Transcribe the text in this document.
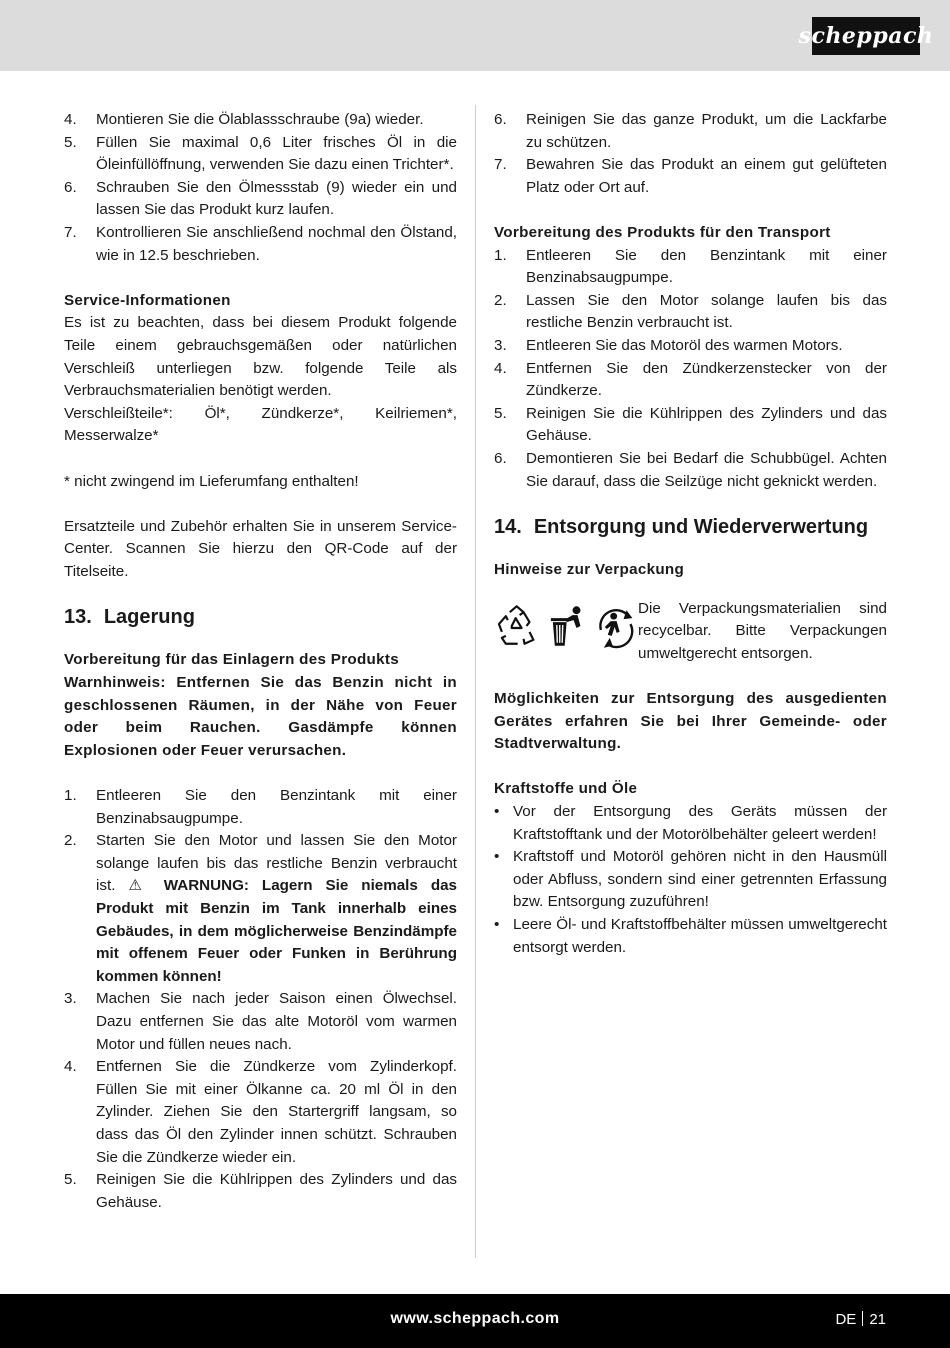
scheppach
4. Montieren Sie die Ölablassschraube (9a) wieder.
5. Füllen Sie maximal 0,6 Liter frisches Öl in die Öleinfüllöffnung, verwenden Sie dazu einen Trichter*.
6. Schrauben Sie den Ölmessstab (9) wieder ein und lassen Sie das Produkt kurz laufen.
7. Kontrollieren Sie anschließend nochmal den Ölstand, wie in 12.5 beschrieben.
Service-Informationen

Es ist zu beachten, dass bei diesem Produkt folgende Teile einem gebrauchsgemäßen oder natürlichen Verschleiß unterliegen bzw. folgende Teile als Verbrauchsmaterialien benötigt werden.

Verschleißteile*: Öl*, Zündkerze*, Keilriemen*, Messerwalze*

* nicht zwingend im Lieferumfang enthalten!

Ersatzteile und Zubehör erhalten Sie in unserem Service-Center. Scannen Sie hierzu den QR-Code auf der Titelseite.

13. Lagerung
Vorbereitung für das Einlagern des Produkts
Warnhinweis: Entfernen Sie das Benzin nicht in geschlossenen Räumen, in der Nähe von Feuer oder beim Rauchen. Gasdämpfe können Explosionen oder Feuer verursachen.
1. Entleeren Sie den Benzintank mit einer Benzinabsaugpumpe.
2. Starten Sie den Motor und lassen Sie den Motor solange laufen bis das restliche Benzin verbraucht ist. ⚠ WARNUNG: Lagern Sie niemals das Produkt mit Benzin im Tank innerhalb eines Gebäudes, in dem möglicherweise Benzindämpfe mit offenem Feuer oder Funken in Berührung kommen können!
3. Machen Sie nach jeder Saison einen Ölwechsel. Dazu entfernen Sie das alte Motoröl vom warmen Motor und füllen neues nach.
4. Entfernen Sie die Zündkerze vom Zylinderkopf. Füllen Sie mit einer Ölkanne ca. 20 ml Öl in den Zylinder. Ziehen Sie den Startergriff langsam, so dass das Öl den Zylinder innen schützt. Schrauben Sie die Zündkerze wieder ein.
5. Reinigen Sie die Kühlrippen des Zylinders und das Gehäuse.
6. Reinigen Sie das ganze Produkt, um die Lackfarbe zu schützen.
7. Bewahren Sie das Produkt an einem gut gelüfteten Platz oder Ort auf.
Vorbereitung des Produkts für den Transport
1. Entleeren Sie den Benzintank mit einer Benzinabsaugpumpe.
2. Lassen Sie den Motor solange laufen bis das restliche Benzin verbraucht ist.
3. Entleeren Sie das Motoröl des warmen Motors.
4. Entfernen Sie den Zündkerzenstecker von der Zündkerze.
5. Reinigen Sie die Kühlrippen des Zylinders und das Gehäuse.
6. Demontieren Sie bei Bedarf die Schubbügel. Achten Sie darauf, dass die Seilzüge nicht geknickt werden.
14. Entsorgung und Wiederverwertung
Hinweise zur Verpackung
Die Verpackungsmaterialien sind recycelbar. Bitte Verpackungen umweltgerecht entsorgen.
Möglichkeiten zur Entsorgung des ausgedienten Gerätes erfahren Sie bei Ihrer Gemeinde- oder Stadtverwaltung.
Kraftstoffe und Öle
• Vor der Entsorgung des Geräts müssen der Kraftstofftank und der Motorölbehälter geleert werden!
• Kraftstoff und Motoröl gehören nicht in den Hausmüll oder Abfluss, sondern sind einer getrennten Erfassung bzw. Entsorgung zuzuführen!
• Leere Öl- und Kraftstoffbehälter müssen umweltgerecht entsorgt werden.
www.scheppach.com	DE 21
